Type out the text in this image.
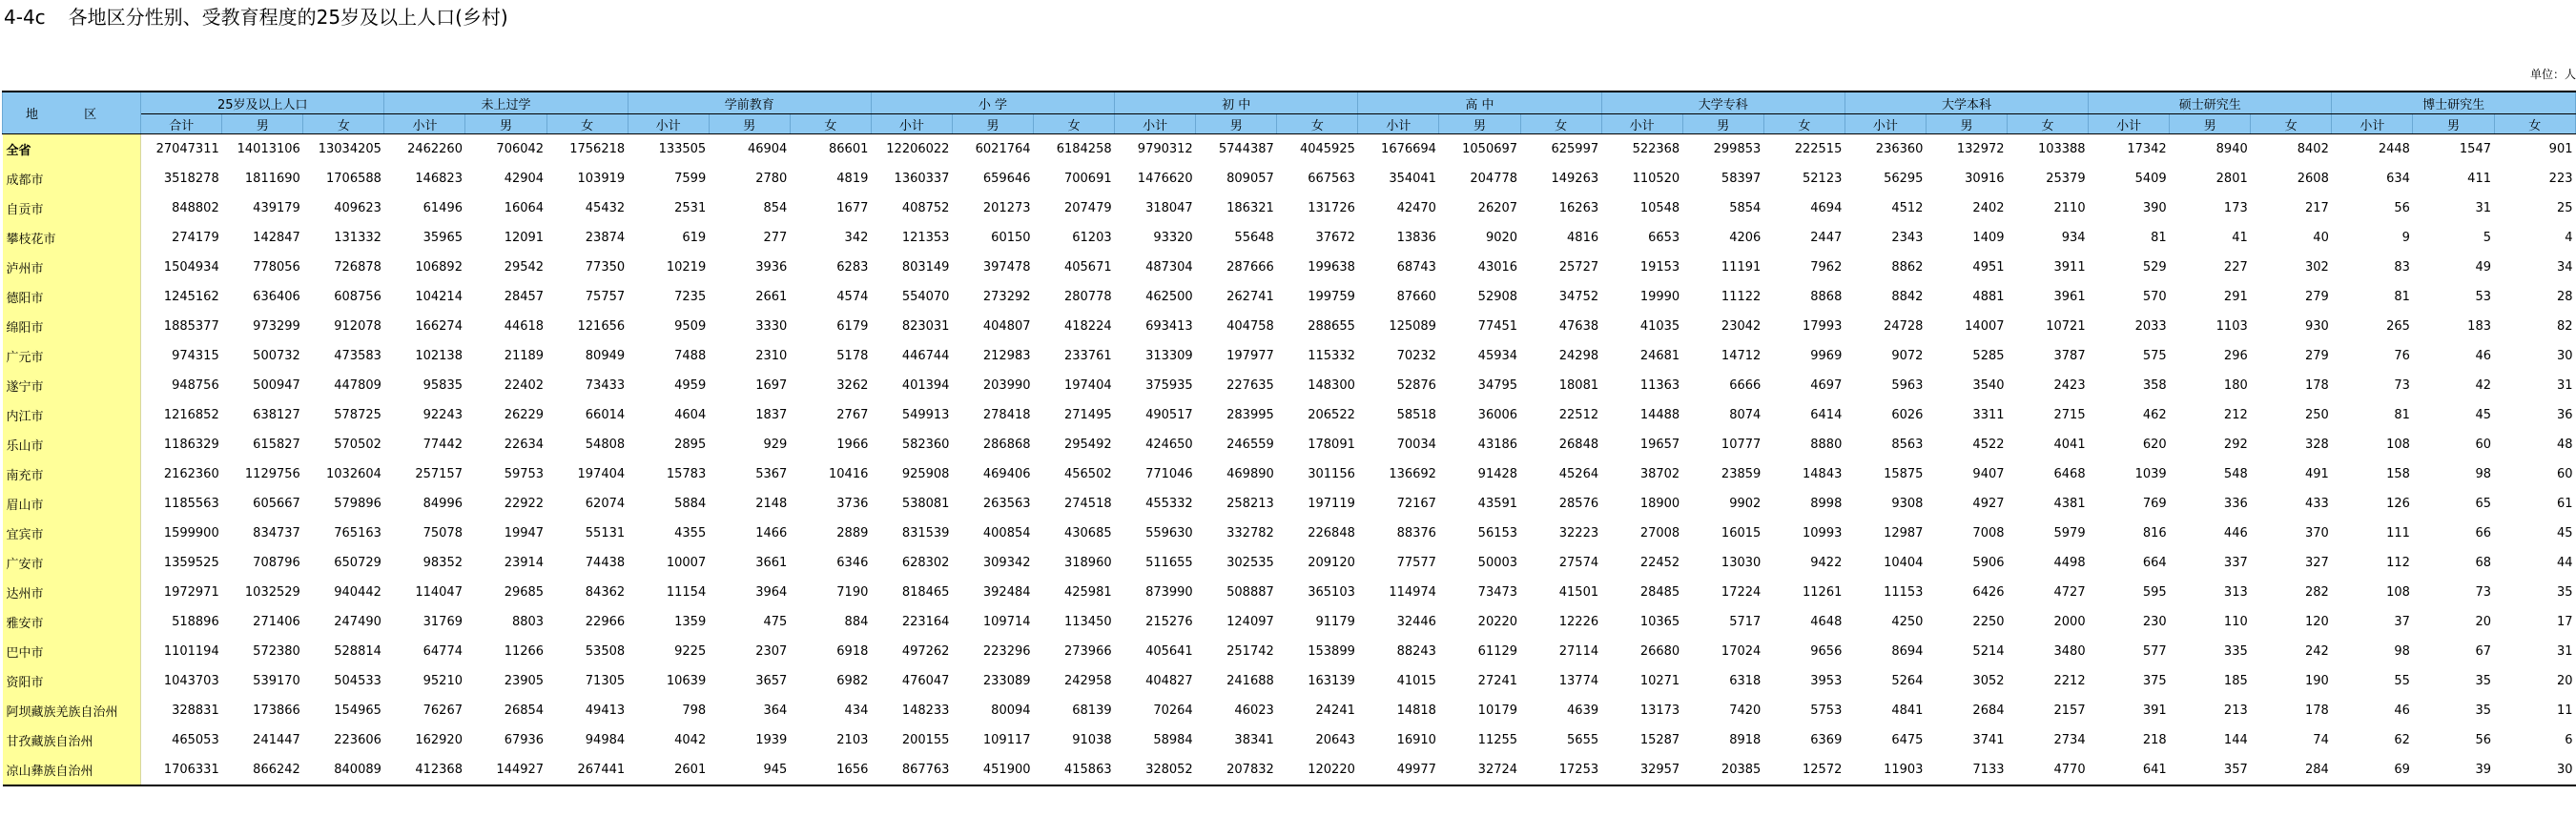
4-4c 各地区分性别、受教育程度的25岁及以上人口(乡村)
单位：人
地 区	25岁及以上人口			未上过学			学前教育			小 学			初 中			高 中			大学专科			大学本科			硕士研究生			博士研究生		
	合计	男	女	小计	男	女	小计	男	女	小计	男	女	小计	男	女	小计	男	女	小计	男	女	小计	男	女	小计	男	女	小计	男	女
全省	27047311	14013106	13034205	2462260	706042	1756218	133505	46904	86601	12206022	6021764	6184258	9790312	5744387	4045925	1676694	1050697	625997	522368	299853	222515	236360	132972	103388	17342	8940	8402	2448	1547	901
成都市	3518278	1811690	1706588	146823	42904	103919	7599	2780	4819	1360337	659646	700691	1476620	809057	667563	354041	204778	149263	110520	58397	52123	56295	30916	25379	5409	2801	2608	634	411	223
自贡市	848802	439179	409623	61496	16064	45432	2531	854	1677	408752	201273	207479	318047	186321	131726	42470	26207	16263	10548	5854	4694	4512	2402	2110	390	173	217	56	31	25
攀枝花市	274179	142847	131332	35965	12091	23874	619	277	342	121353	60150	61203	93320	55648	37672	13836	9020	4816	6653	4206	2447	2343	1409	934	81	41	40	9	5	4
泸州市	1504934	778056	726878	106892	29542	77350	10219	3936	6283	803149	397478	405671	487304	287666	199638	68743	43016	25727	19153	11191	7962	8862	4951	3911	529	227	302	83	49	34
德阳市	1245162	636406	608756	104214	28457	75757	7235	2661	4574	554070	273292	280778	462500	262741	199759	87660	52908	34752	19990	11122	8868	8842	4881	3961	570	291	279	81	53	28
绵阳市	1885377	973299	912078	166274	44618	121656	9509	3330	6179	823031	404807	418224	693413	404758	288655	125089	77451	47638	41035	23042	17993	24728	14007	10721	2033	1103	930	265	183	82
广元市	974315	500732	473583	102138	21189	80949	7488	2310	5178	446744	212983	233761	313309	197977	115332	70232	45934	24298	24681	14712	9969	9072	5285	3787	575	296	279	76	46	30
遂宁市	948756	500947	447809	95835	22402	73433	4959	1697	3262	401394	203990	197404	375935	227635	148300	52876	34795	18081	11363	6666	4697	5963	3540	2423	358	180	178	73	42	31
内江市	1216852	638127	578725	92243	26229	66014	4604	1837	2767	549913	278418	271495	490517	283995	206522	58518	36006	22512	14488	8074	6414	6026	3311	2715	462	212	250	81	45	36
乐山市	1186329	615827	570502	77442	22634	54808	2895	929	1966	582360	286868	295492	424650	246559	178091	70034	43186	26848	19657	10777	8880	8563	4522	4041	620	292	328	108	60	48
南充市	2162360	1129756	1032604	257157	59753	197404	15783	5367	10416	925908	469406	456502	771046	469890	301156	136692	91428	45264	38702	23859	14843	15875	9407	6468	1039	548	491	158	98	60
眉山市	1185563	605667	579896	84996	22922	62074	5884	2148	3736	538081	263563	274518	455332	258213	197119	72167	43591	28576	18900	9902	8998	9308	4927	4381	769	336	433	126	65	61
宜宾市	1599900	834737	765163	75078	19947	55131	4355	1466	2889	831539	400854	430685	559630	332782	226848	88376	56153	32223	27008	16015	10993	12987	7008	5979	816	446	370	111	66	45
广安市	1359525	708796	650729	98352	23914	74438	10007	3661	6346	628302	309342	318960	511655	302535	209120	77577	50003	27574	22452	13030	9422	10404	5906	4498	664	337	327	112	68	44
达州市	1972971	1032529	940442	114047	29685	84362	11154	3964	7190	818465	392484	425981	873990	508887	365103	114974	73473	41501	28485	17224	11261	11153	6426	4727	595	313	282	108	73	35
雅安市	518896	271406	247490	31769	8803	22966	1359	475	884	223164	109714	113450	215276	124097	91179	32446	20220	12226	10365	5717	4648	4250	2250	2000	230	110	120	37	20	17
巴中市	1101194	572380	528814	64774	11266	53508	9225	2307	6918	497262	223296	273966	405641	251742	153899	88243	61129	27114	26680	17024	9656	8694	5214	3480	577	335	242	98	67	31
资阳市	1043703	539170	504533	95210	23905	71305	10639	3657	6982	476047	233089	242958	404827	241688	163139	41015	27241	13774	10271	6318	3953	5264	3052	2212	375	185	190	55	35	20
阿坝藏族羌族自治州	328831	173866	154965	76267	26854	49413	798	364	434	148233	80094	68139	70264	46023	24241	14818	10179	4639	13173	7420	5753	4841	2684	2157	391	213	178	46	35	11
甘孜藏族自治州	465053	241447	223606	162920	67936	94984	4042	1939	2103	200155	109117	91038	58984	38341	20643	16910	11255	5655	15287	8918	6369	6475	3741	2734	218	144	74	62	56	6
凉山彝族自治州	1706331	866242	840089	412368	144927	267441	2601	945	1656	867763	451900	415863	328052	207832	120220	49977	32724	17253	32957	20385	12572	11903	7133	4770	641	357	284	69	39	30
